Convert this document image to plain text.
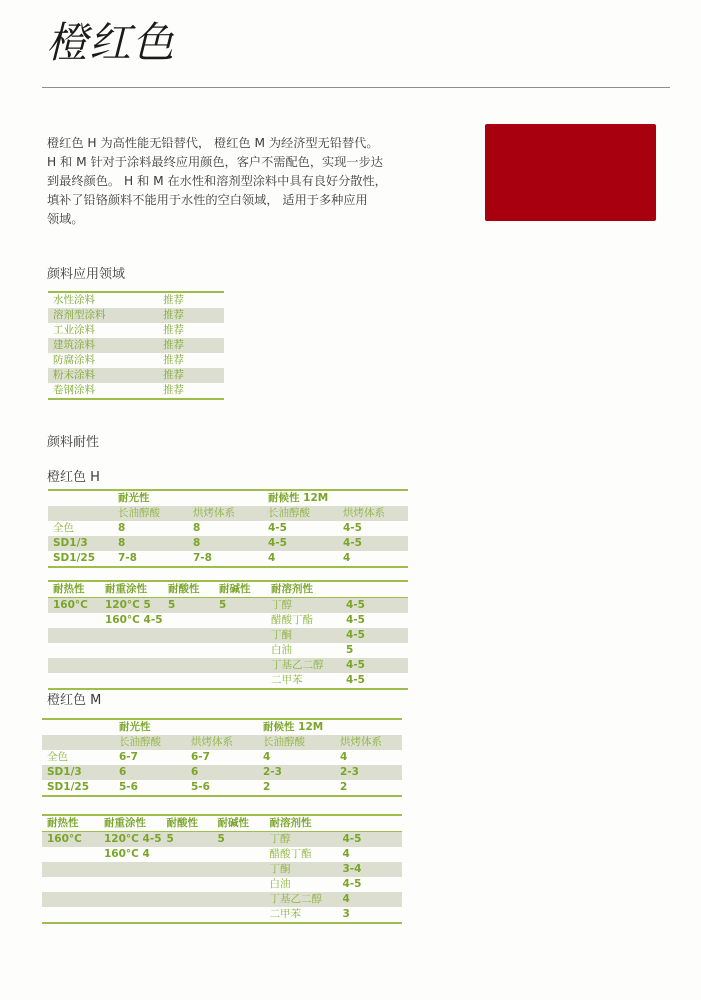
橙红色
橙红色 H 为高性能无铅替代， 橙红色 M 为经济型无铅替代。
H 和 M 针对于涂料最终应用颜色，客户不需配色，实现一步达
到最终颜色。 H 和 M 在水性和溶剂型涂料中具有良好分散性，
填补了铅铬颜料不能用于水性的空白领域， 适用于多种应用
领域。
颜料应用领域
水性涂料	推荐
溶剂型涂料	推荐
工业涂料	推荐
建筑涂料	推荐
防腐涂料	推荐
粉末涂料	推荐
卷钢涂料	推荐
颜料耐性
橙红色 H
	耐光性		耐候性 12M	
	长油醇酸	烘烤体系	长油醇酸	烘烤体系
全色	8	8	4-5	4-5
SD1/3	8	8	4-5	4-5
SD1/25	7-8	7-8	4	4
耐热性	耐重涂性	耐酸性	耐碱性	耐溶剂性	
160°C	120°C 5	5	5	丁醇	4-5
	160°C 4-5			醋酸丁酯	4-5
				丁酮	4-5
				白油	5
				丁基乙二醇	4-5
				二甲苯	4-5
橙红色 M
	耐光性		耐候性 12M	
	长油醇酸	烘烤体系	长油醇酸	烘烤体系
全色	6-7	6-7	4	4
SD1/3	6	6	2-3	2-3
SD1/25	5-6	5-6	2	2
耐热性	耐重涂性	耐酸性	耐碱性	耐溶剂性	
160°C	120°C 4-5	5	5	丁醇	4-5
	160°C 4			醋酸丁酯	4
				丁酮	3-4
				白油	4-5
				丁基乙二醇	4
				二甲苯	3
